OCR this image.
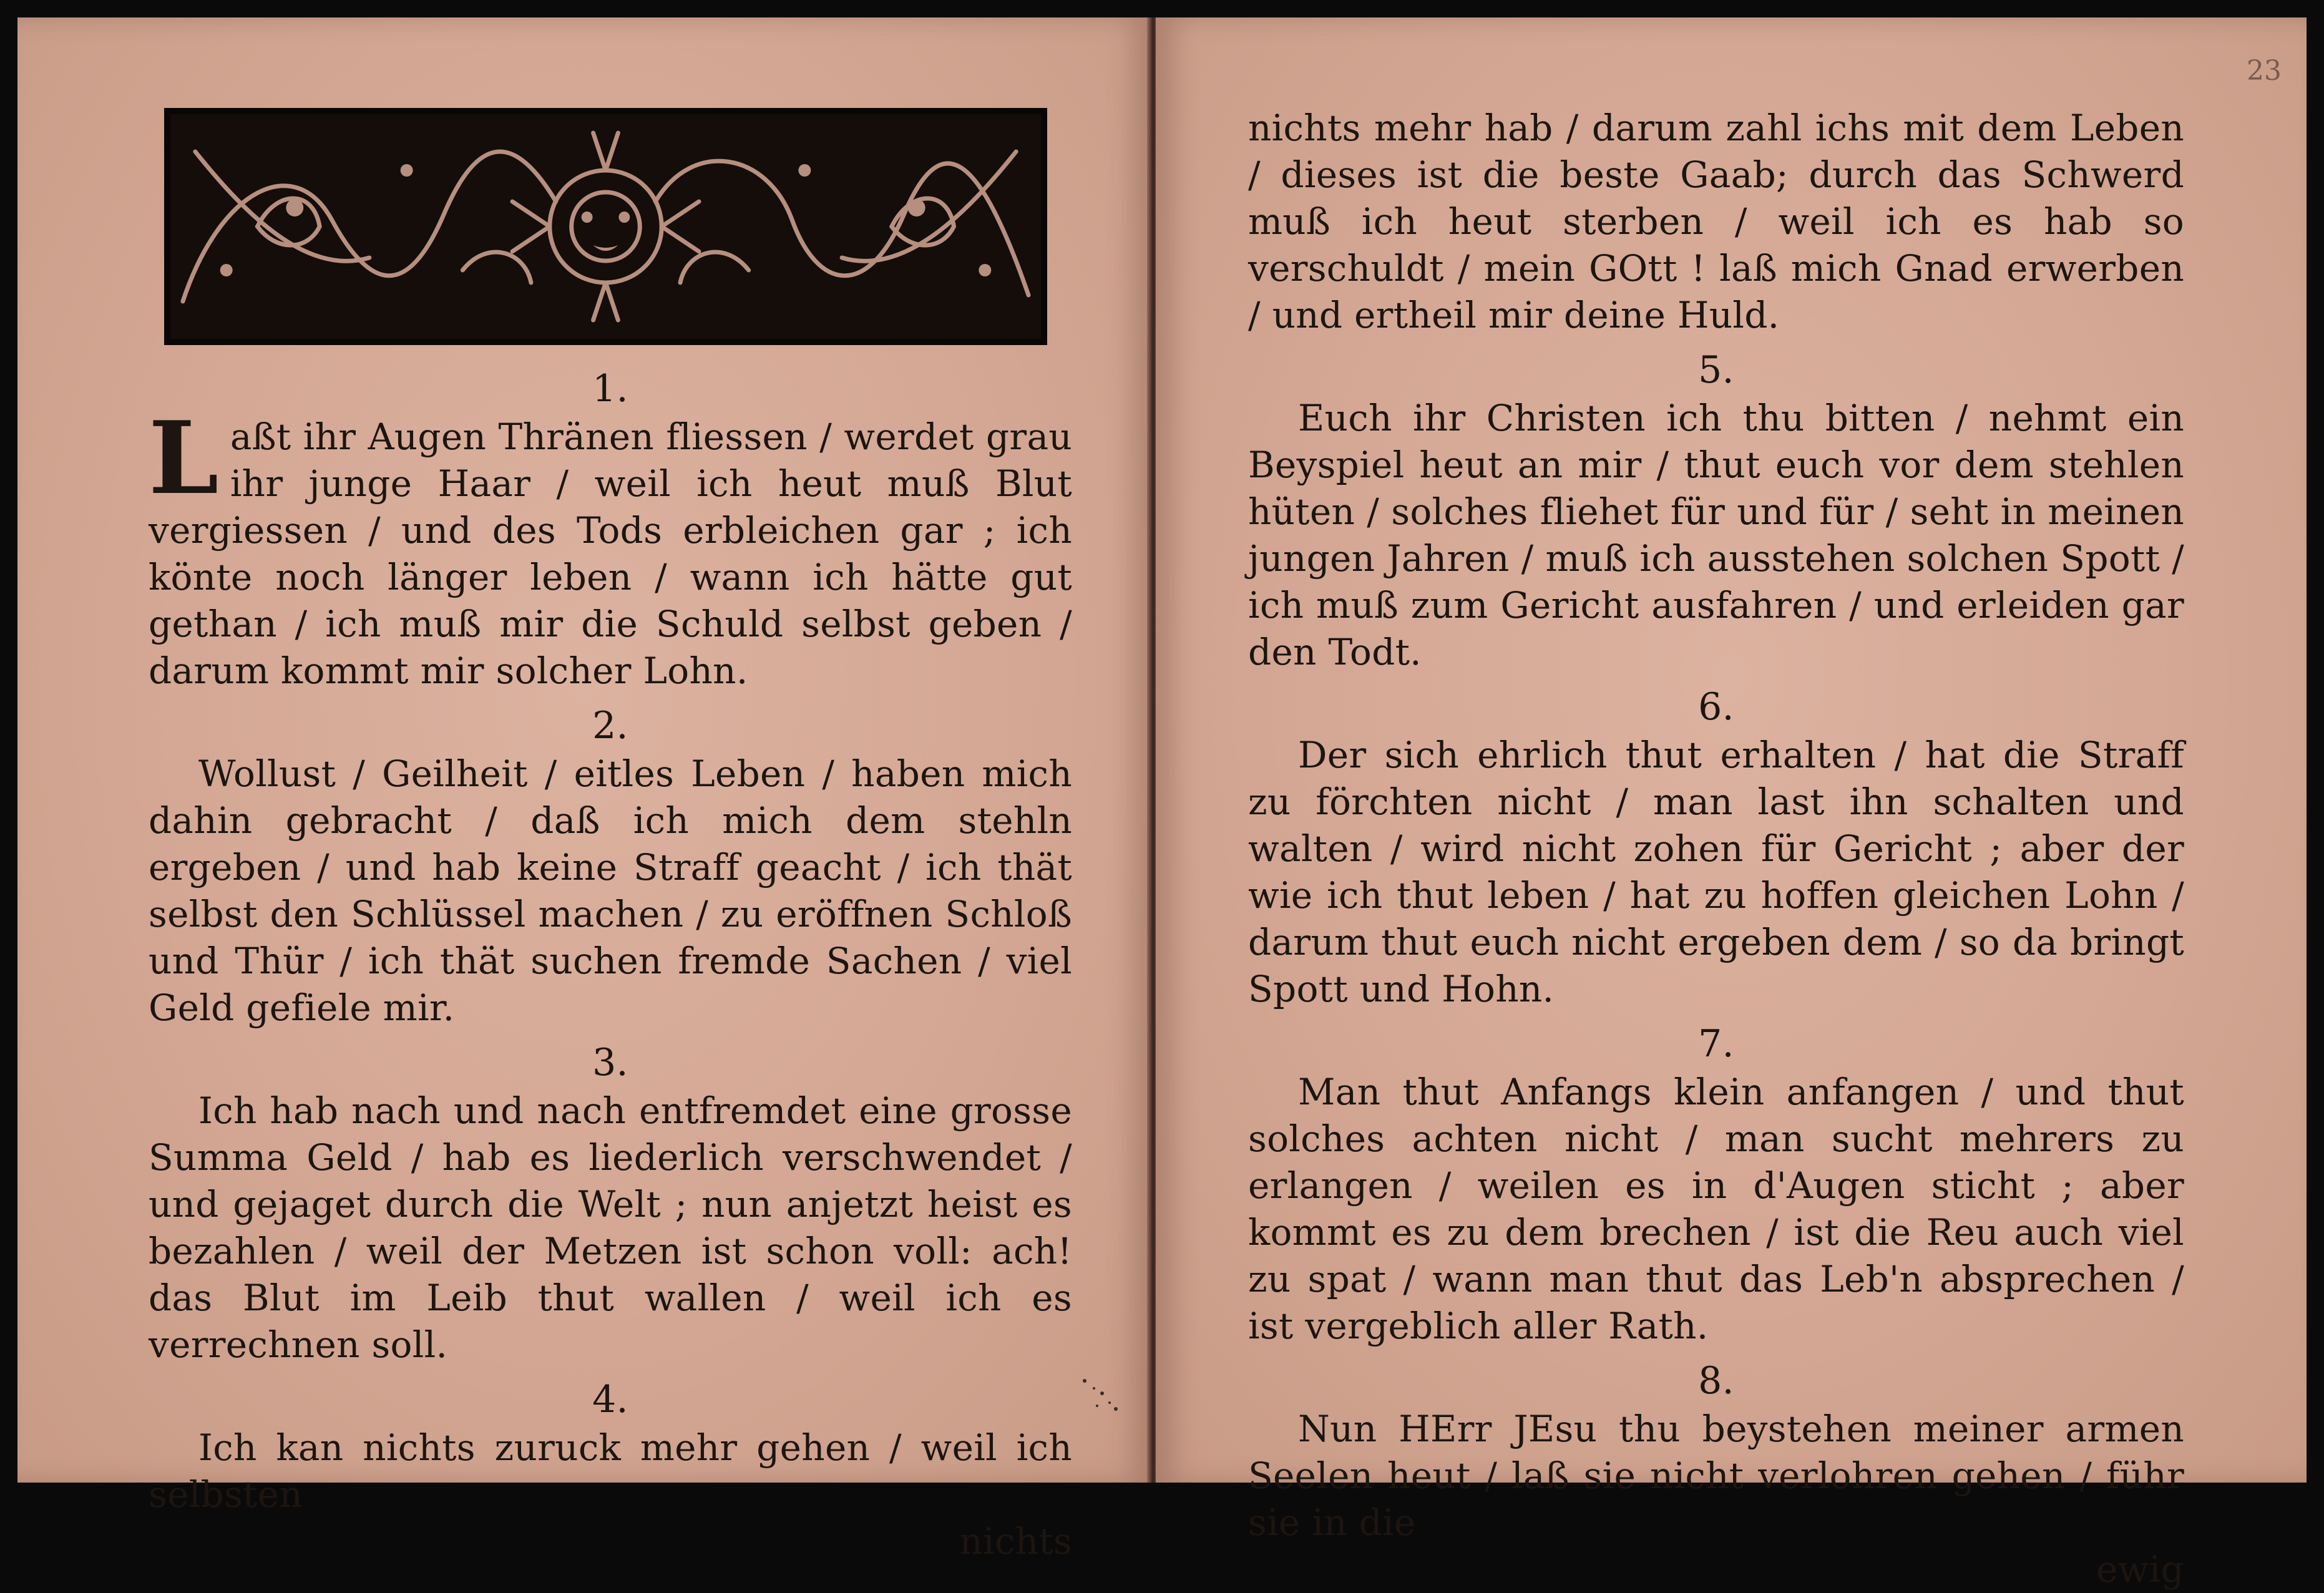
1.
Laßt ihr Augen Thränen fliessen / werdet grau ihr junge Haar / weil ich heut muß Blut vergiessen / und des Tods erbleichen gar ; ich könte noch länger leben / wann ich hätte gut gethan / ich muß mir die Schuld selbst geben / darum kommt mir solcher Lohn.
2.
Wollust / Geilheit / eitles Leben / haben mich dahin gebracht / daß ich mich dem stehln ergeben / und hab keine Straff geacht / ich thät selbst den Schlüssel machen / zu eröffnen Schloß und Thür / ich thät suchen fremde Sachen / viel Geld gefiele mir.
3.
Ich hab nach und nach entfremdet eine grosse Summa Geld / hab es liederlich verschwendet / und gejaget durch die Welt ; nun anjetzt heist es bezahlen / weil der Metzen ist schon voll: ach! das Blut im Leib thut wallen / weil ich es verrechnen soll.
4.
Ich kan nichts zuruck mehr gehen / weil ich selbsten
nichts
23
nichts mehr hab / darum zahl ichs mit dem Leben / dieses ist die beste Gaab; durch das Schwerd muß ich heut sterben / weil ich es hab so verschuldt / mein GOtt ! laß mich Gnad erwerben / und ertheil mir deine Huld.
5.
Euch ihr Christen ich thu bitten / nehmt ein Beyspiel heut an mir / thut euch vor dem stehlen hüten / solches fliehet für und für / seht in meinen jungen Jahren / muß ich ausstehen solchen Spott / ich muß zum Gericht ausfahren / und erleiden gar den Todt.
6.
Der sich ehrlich thut erhalten / hat die Straff zu förchten nicht / man last ihn schalten und walten / wird nicht zohen für Gericht ; aber der wie ich thut leben / hat zu hoffen gleichen Lohn / darum thut euch nicht ergeben dem / so da bringt Spott und Hohn.
7.
Man thut Anfangs klein anfangen / und thut solches achten nicht / man sucht mehrers zu erlangen / weilen es in d'Augen sticht ; aber kommt es zu dem brechen / ist die Reu auch viel zu spat / wann man thut das Leb'n absprechen / ist vergeblich aller Rath.
8.
Nun HErr JEsu thu beystehen meiner armen Seelen heut / laß sie nicht verlohren gehen / führ sie in die
ewig
